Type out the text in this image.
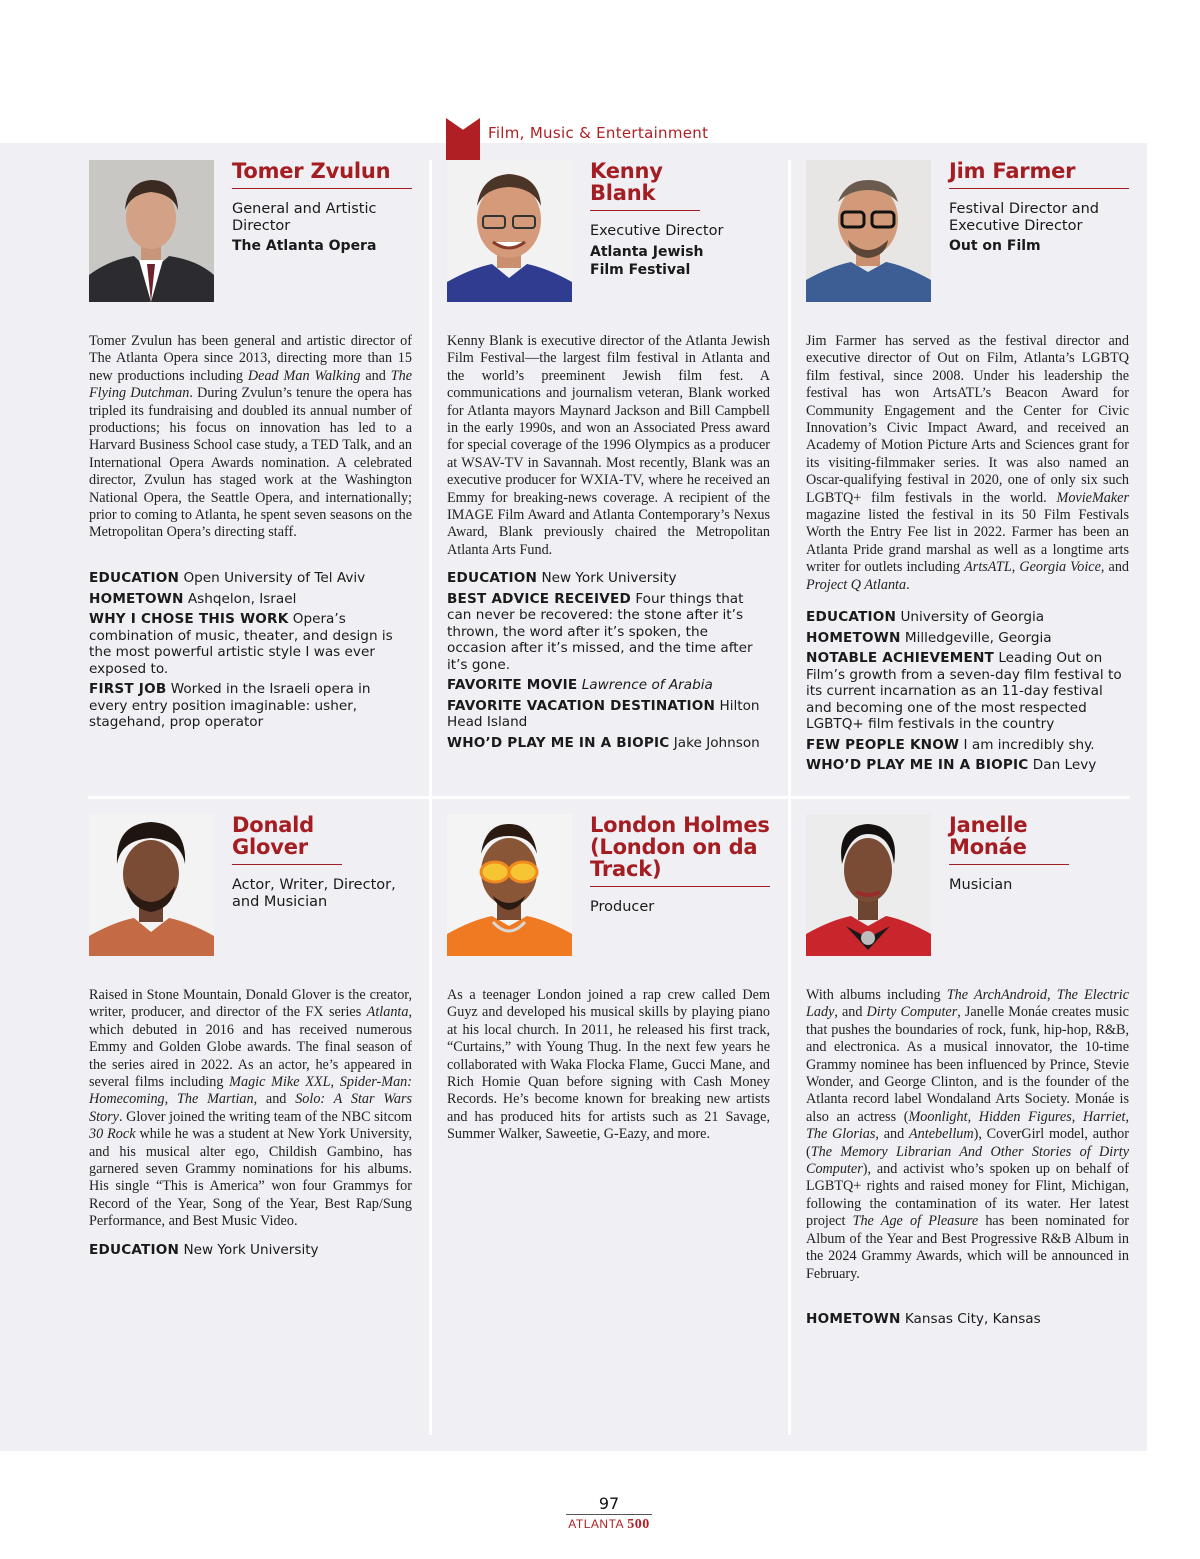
Film, Music & Entertainment
Tomer Zvulun
General and Artistic Director
The Atlanta Opera
Tomer Zvulun has been general and artistic director of The Atlanta Opera since 2013, directing more than 15 new productions including Dead Man Walking and The Flying Dutchman. During Zvulun’s tenure the opera has tripled its fundraising and doubled its annual number of productions; his focus on innovation has led to a Harvard Business School case study, a TED Talk, and an International Opera Awards nomination. A celebrated director, Zvulun has staged work at the Washington National Opera, the Seattle Opera, and internationally; prior to coming to Atlanta, he spent seven seasons on the Metropolitan Opera’s directing staff.
EDUCATION Open University of Tel Aviv
HOMETOWN Ashqelon, Israel
WHY I CHOSE THIS WORK Opera’s combination of music, theater, and design is the most powerful artistic style I was ever exposed to.
FIRST JOB Worked in the Israeli opera in every entry position imaginable: usher, stagehand, prop operator
Kenny Blank
Executive Director
Atlanta Jewish Film Festival
Kenny Blank is executive director of the Atlanta Jewish Film Festival—the largest film festival in Atlanta and the world’s preeminent Jewish film fest. A communications and journalism veteran, Blank worked for Atlanta mayors Maynard Jackson and Bill Campbell in the early 1990s, and won an Associated Press award for special coverage of the 1996 Olympics as a producer at WSAV-TV in Savannah. Most recently, Blank was an executive producer for WXIA-TV, where he received an Emmy for breaking-news coverage. A recipient of the IMAGE Film Award and Atlanta Contemporary’s Nexus Award, Blank previously chaired the Metropolitan Atlanta Arts Fund.
EDUCATION New York University
BEST ADVICE RECEIVED Four things that can never be recovered: the stone after it’s thrown, the word after it’s spoken, the occasion after it’s missed, and the time after it’s gone.
FAVORITE MOVIE Lawrence of Arabia
FAVORITE VACATION DESTINATION Hilton Head Island
WHO’D PLAY ME IN A BIOPIC Jake Johnson
Jim Farmer
Festival Director and Executive Director
Out on Film
Jim Farmer has served as the festival director and executive director of Out on Film, Atlanta’s LGBTQ film festival, since 2008. Under his leadership the festival has won ArtsATL’s Beacon Award for Community Engagement and the Center for Civic Innovation’s Civic Impact Award, and received an Academy of Motion Picture Arts and Sciences grant for its visiting-filmmaker series. It was also named an Oscar-qualifying festival in 2020, one of only six such LGBTQ+ film festivals in the world. MovieMaker magazine listed the festival in its 50 Film Festivals Worth the Entry Fee list in 2022. Farmer has been an Atlanta Pride grand marshal as well as a longtime arts writer for outlets including ArtsATL, Georgia Voice, and Project Q Atlanta.
EDUCATION University of Georgia
HOMETOWN Milledgeville, Georgia
NOTABLE ACHIEVEMENT Leading Out on Film’s growth from a seven-day film festival to its current incarnation as an 11-day festival and becoming one of the most respected LGBTQ+ film festivals in the country
FEW PEOPLE KNOW I am incredibly shy.
WHO’D PLAY ME IN A BIOPIC Dan Levy
Donald Glover
Actor, Writer, Director, and Musician
Raised in Stone Mountain, Donald Glover is the creator, writer, producer, and director of the FX series Atlanta, which debuted in 2016 and has received numerous Emmy and Golden Globe awards. The final season of the series aired in 2022. As an actor, he’s appeared in several films including Magic Mike XXL, Spider-Man: Homecoming, The Martian, and Solo: A Star Wars Story. Glover joined the writing team of the NBC sitcom 30 Rock while he was a student at New York University, and his musical alter ego, Childish Gambino, has garnered seven Grammy nominations for his albums. His single “This is America” won four Grammys for Record of the Year, Song of the Year, Best Rap/Sung Performance, and Best Music Video.
EDUCATION New York University
London Holmes (London on da Track)
Producer
As a teenager London joined a rap crew called Dem Guyz and developed his musical skills by playing piano at his local church. In 2011, he released his first track, “Curtains,” with Young Thug. In the next few years he collaborated with Waka Flocka Flame, Gucci Mane, and Rich Homie Quan before signing with Cash Money Records. He’s become known for breaking new artists and has produced hits for artists such as 21 Savage, Summer Walker, Saweetie, G-Eazy, and more.
Janelle Monáe
Musician
With albums including The ArchAndroid, The Electric Lady, and Dirty Computer, Janelle Monáe creates music that pushes the boundaries of rock, funk, hip-hop, R&B, and electronica. As a musical innovator, the 10-time Grammy nominee has been influenced by Prince, Stevie Wonder, and George Clinton, and is the founder of the Atlanta record label Wondaland Arts Society. Monáe is also an actress (Moonlight, Hidden Figures, Harriet, The Glorias, and Antebellum), CoverGirl model, author (The Memory Librarian And Other Stories of Dirty Computer), and activist who’s spoken up on behalf of LGBTQ+ rights and raised money for Flint, Michigan, following the contamination of its water. Her latest project The Age of Pleasure has been nominated for Album of the Year and Best Progressive R&B Album in the 2024 Grammy Awards, which will be announced in February.
HOMETOWN Kansas City, Kansas
97
ATLANTA 500
